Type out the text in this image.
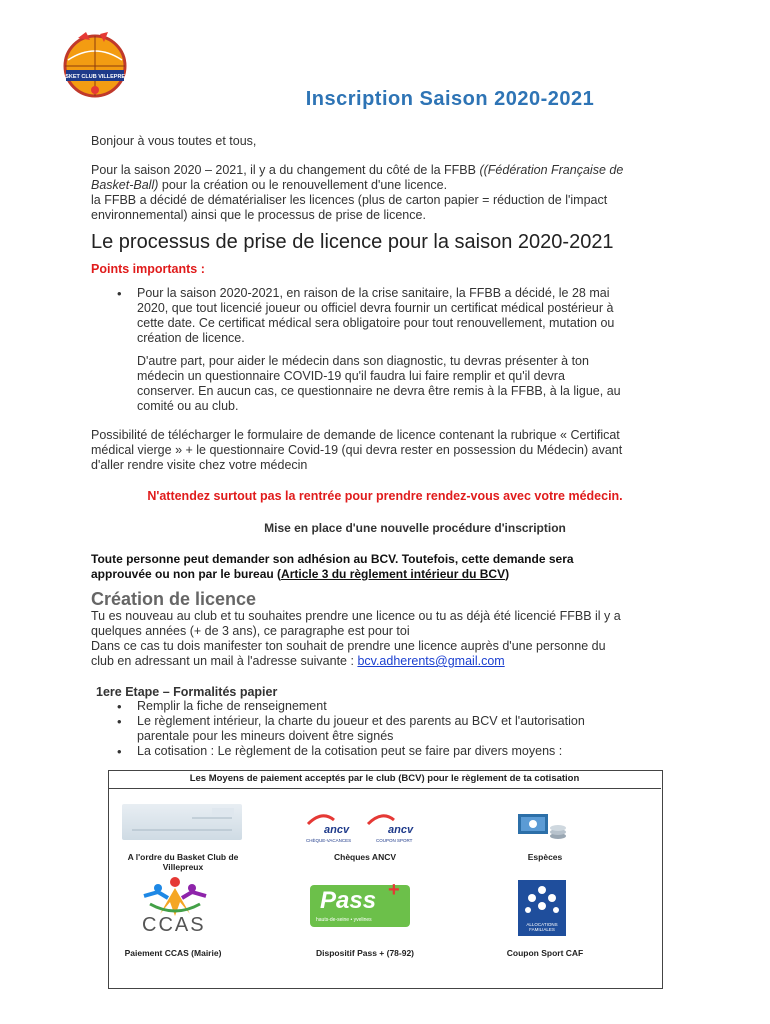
BASKET CLUB VILLEPREUX
Inscription Saison 2020-2021
Bonjour à vous toutes et tous,
Pour la saison 2020 – 2021, il y a du changement du côté de la FFBB ((Fédération Française de
Basket-Ball) pour la création ou le renouvellement d'une licence.
la FFBB a décidé de dématérialiser les licences (plus de carton papier = réduction de l'impact
environnemental) ainsi que le processus de prise de licence.
Le processus de prise de licence pour la saison 2020-2021
Points importants :
• Pour la saison 2020-2021, en raison de la crise sanitaire, la FFBB a décidé, le 28 mai
2020, que tout licencié joueur ou officiel devra fournir un certificat médical postérieur à
cette date. Ce certificat médical sera obligatoire pour tout renouvellement, mutation ou
création de licence.
D'autre part, pour aider le médecin dans son diagnostic, tu devras présenter à ton
médecin un questionnaire COVID-19 qu'il faudra lui faire remplir et qu'il devra
conserver. En aucun cas, ce questionnaire ne devra être remis à la FFBB, à la ligue, au
comité ou au club.
Possibilité de télécharger le formulaire de demande de licence contenant la rubrique « Certificat
médical vierge » + le questionnaire Covid-19 (qui devra rester en possession du Médecin) avant
d'aller rendre visite chez votre médecin
N'attendez surtout pas la rentrée pour prendre rendez-vous avec votre médecin.
Mise en place d'une nouvelle procédure d'inscription
Toute personne peut demander son adhésion au BCV. Toutefois, cette demande sera
approuvée ou non par le bureau (Article 3 du règlement intérieur du BCV)
Création de licence
Tu es nouveau au club et tu souhaites prendre une licence ou tu as déjà été licencié FFBB il y a
quelques années (+ de 3 ans), ce paragraphe est pour toi
Dans ce cas tu dois manifester ton souhait de prendre une licence auprès d'une personne du
club en adressant un mail à l'adresse suivante : bcv.adherents@gmail.com
1ere Etape – Formalités papier
• Remplir la fiche de renseignement
• Le règlement intérieur, la charte du joueur et des parents au BCV et l'autorisation
parentale pour les mineurs doivent être signés
• La cotisation : Le règlement de la cotisation peut se faire par divers moyens :
Les Moyens de paiement acceptés par le club (BCV) pour le règlement de ta cotisation
ancv	ancv
CHÈQUE-VACANCES	COUPON SPORT
A l'ordre du Basket Club de Villepreux
Chèques ANCV	Espèces
CCAS
Pass +
hauts-de-seine • yvelines
ALLOCATIONS FAMILIALES
Paiement CCAS (Mairie)	Dispositif Pass + (78-92)	Coupon Sport CAF
